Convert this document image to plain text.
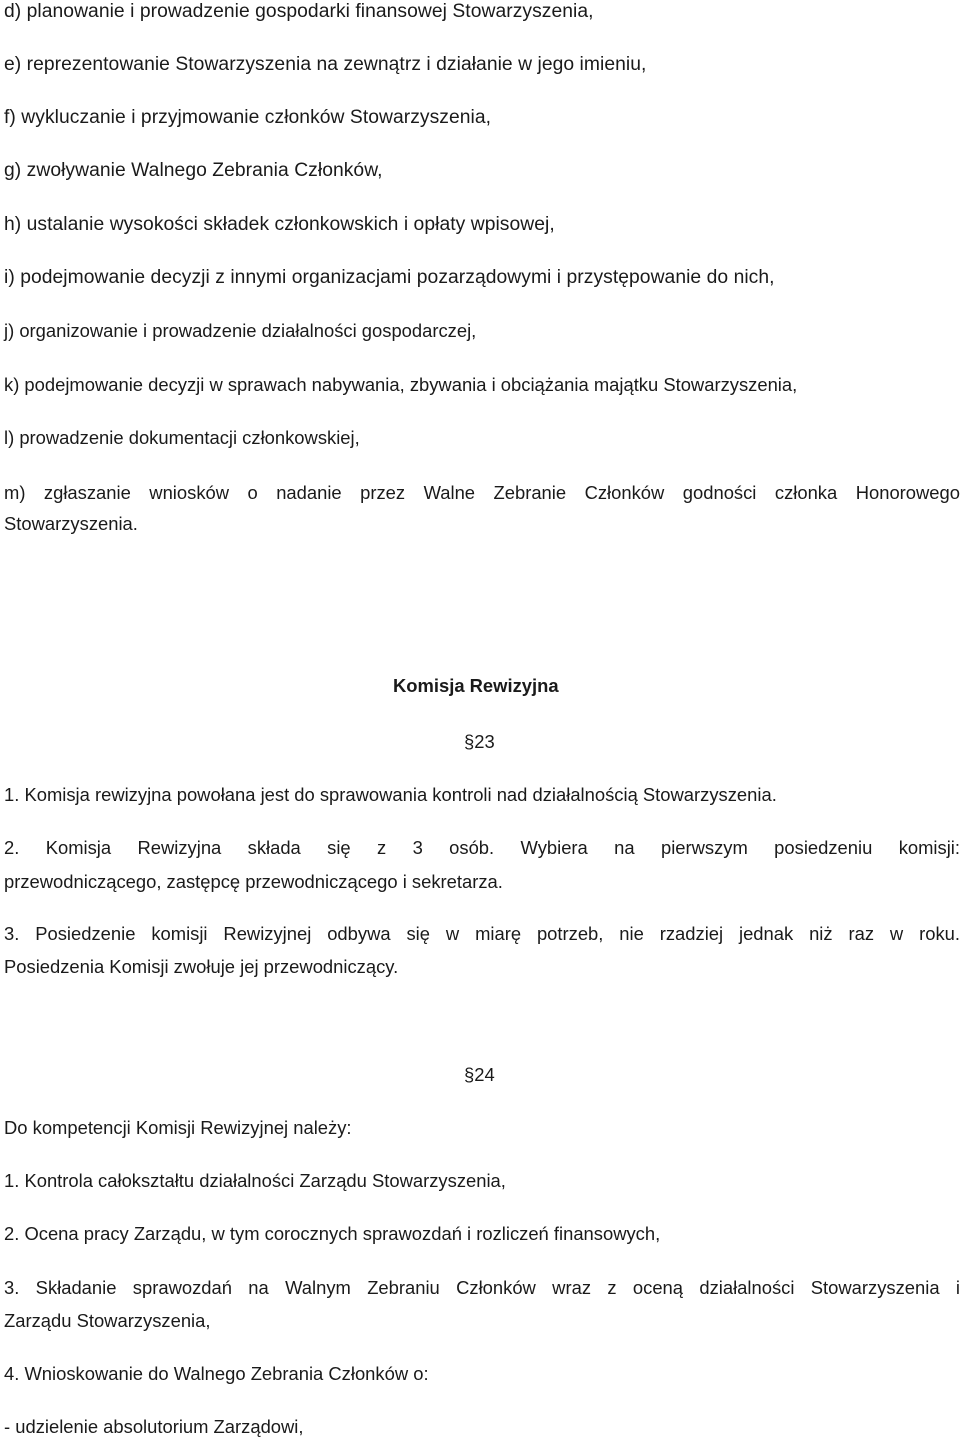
d) planowanie i prowadzenie gospodarki finansowej Stowarzyszenia,
e) reprezentowanie Stowarzyszenia na zewnątrz i działanie w jego imieniu,
f) wykluczanie i przyjmowanie członków Stowarzyszenia,
g) zwoływanie Walnego Zebrania Członków,
h) ustalanie wysokości składek członkowskich i opłaty wpisowej,
i) podejmowanie decyzji z innymi organizacjami pozarządowymi i przystępowanie do nich,
j) organizowanie i prowadzenie działalności gospodarczej,
k) podejmowanie decyzji w sprawach nabywania, zbywania i obciążania majątku Stowarzyszenia,
l) prowadzenie dokumentacji członkowskiej,
m) zgłaszanie wniosków o nadanie przez Walne Zebranie Członków godności członka Honorowego
Stowarzyszenia.
Komisja Rewizyjna
§23
1. Komisja rewizyjna powołana jest do sprawowania kontroli nad działalnością Stowarzyszenia.
2. Komisja Rewizyjna składa się z 3 osób. Wybiera na pierwszym posiedzeniu komisji:
przewodniczącego, zastępcę przewodniczącego i sekretarza.
3. Posiedzenie komisji Rewizyjnej odbywa się w miarę potrzeb, nie rzadziej jednak niż raz w roku.
Posiedzenia Komisji zwołuje jej przewodniczący.
§24
Do kompetencji Komisji Rewizyjnej należy:
1. Kontrola całokształtu działalności Zarządu Stowarzyszenia,
2. Ocena pracy Zarządu, w tym corocznych sprawozdań i rozliczeń finansowych,
3. Składanie sprawozdań na Walnym Zebraniu Członków wraz z oceną działalności Stowarzyszenia i
Zarządu Stowarzyszenia,
4. Wnioskowanie do Walnego Zebrania Członków o:
- udzielenie absolutorium Zarządowi,
